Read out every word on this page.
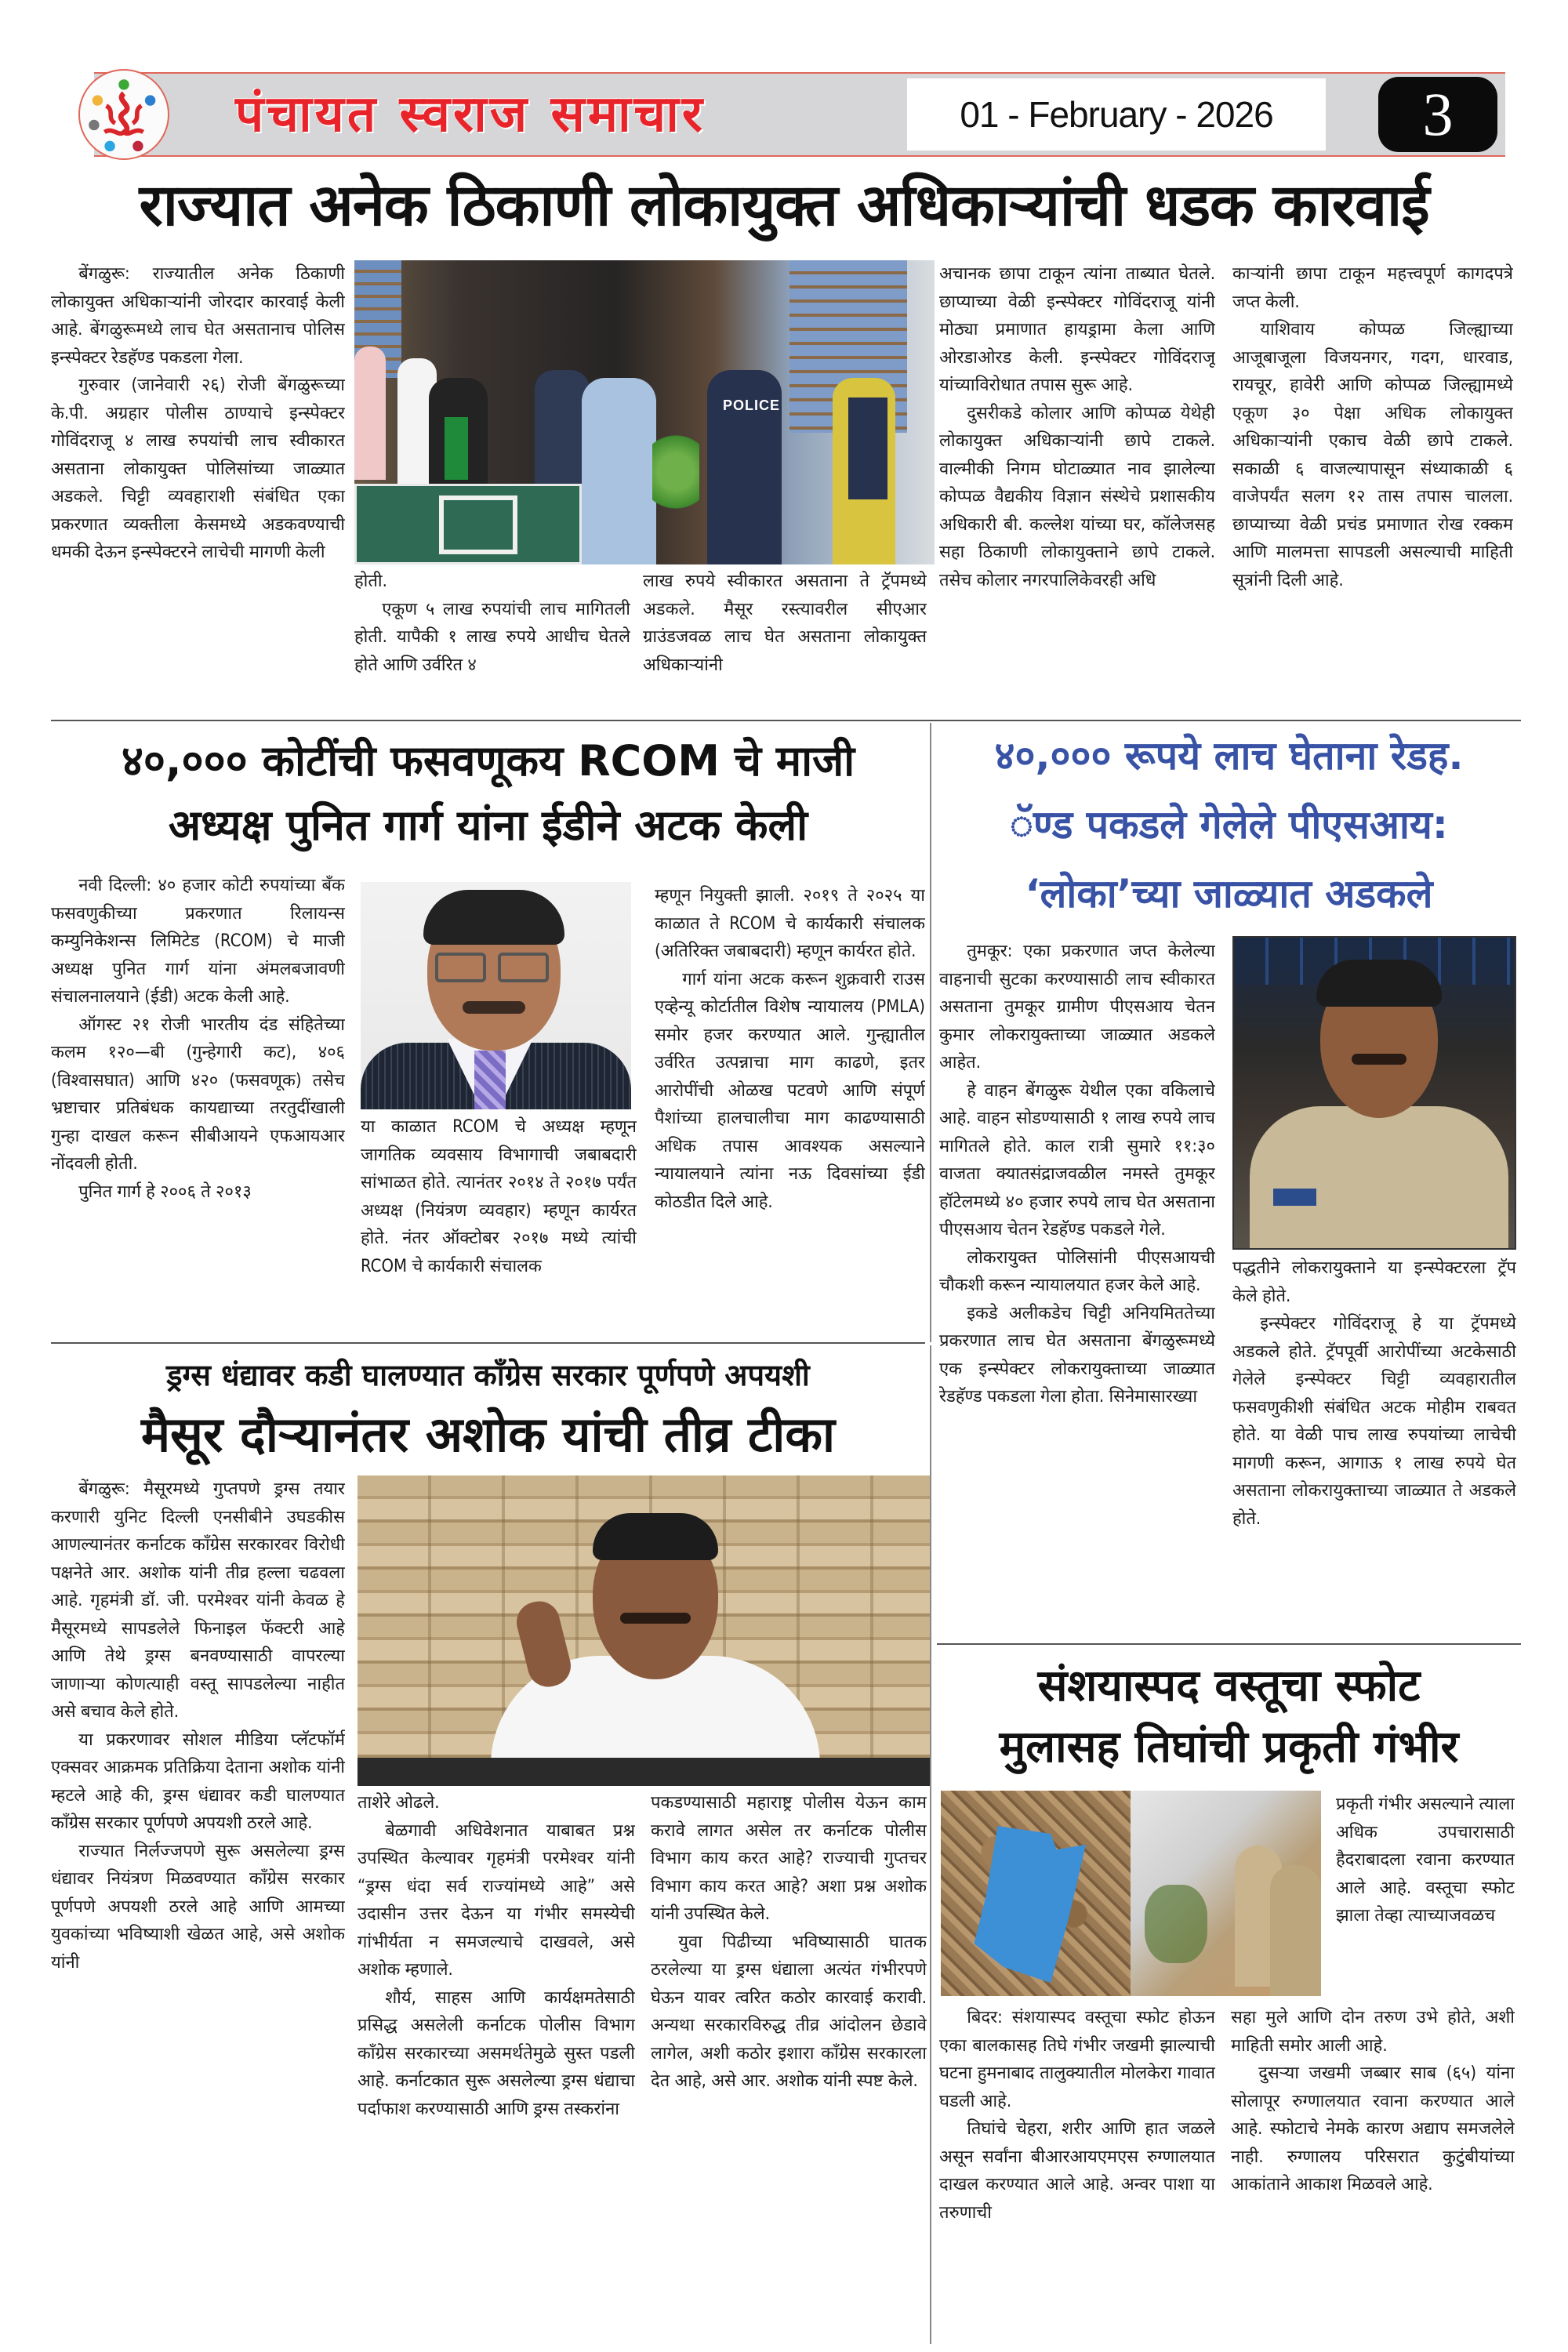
पंचायत स्वराज समाचार	01 - February - 2026	3
राज्यात अनेक ठिकाणी लोकायुक्त अधिकाऱ्यांची धडक कारवाई

बेंगळुरू: राज्यातील अनेक ठिकाणी लोकायुक्त अधिकाऱ्यांनी जोरदार कारवाई केली आहे. बेंगळुरूमध्ये लाच घेत असतानाच पोलिस इन्स्पेक्टर रेडहॅण्ड पकडला गेला.

गुरुवार (जानेवारी २६) रोजी बेंगळुरूच्या के.पी. अग्रहार पोलीस ठाण्याचे इन्स्पेक्टर गोविंदराजू ४ लाख रुपयांची लाच स्वीकारत असताना लोकायुक्त पोलिसांच्या जाळ्यात अडकले. चिट्टी व्यवहाराशी संबंधित एका प्रकरणात व्यक्तीला केसमध्ये अडकवण्याची धमकी देऊन इन्स्पेक्टरने लाचेची मागणी केली

POLICE

होती.

एकूण ५ लाख रुपयांची लाच मागितली होती. यापैकी १ लाख रुपये आधीच घेतले होते आणि उर्वरित ४

लाख रुपये स्वीकारत असताना ते ट्रॅपमध्ये अडकले. मैसूर रस्त्यावरील सीएआर ग्राउंडजवळ लाच घेत असताना लोकायुक्त अधिकाऱ्यांनी

अचानक छापा टाकून त्यांना ताब्यात घेतले. छाप्याच्या वेळी इन्स्पेक्टर गोविंदराजू यांनी मोठ्या प्रमाणात हायड्रामा केला आणि ओरडाओरड केली. इन्स्पेक्टर गोविंदराजू यांच्याविरोधात तपास सुरू आहे.

दुसरीकडे कोलार आणि कोप्पळ येथेही लोकायुक्त अधिकाऱ्यांनी छापे टाकले. वाल्मीकी निगम घोटाळ्यात नाव झालेल्या कोप्पळ वैद्यकीय विज्ञान संस्थेचे प्रशासकीय अधिकारी बी. कल्लेश यांच्या घर, कॉलेजसह सहा ठिकाणी लोकायुक्ताने छापे टाकले. तसेच कोलार नगरपालिकेवरही अधि

काऱ्यांनी छापा टाकून महत्त्वपूर्ण कागदपत्रे जप्त केली.

याशिवाय कोप्पळ जिल्ह्याच्या आजूबाजूला विजयनगर, गदग, धारवाड, रायचूर, हावेरी आणि कोप्पळ जिल्ह्यामध्ये एकूण ३० पेक्षा अधिक लोकायुक्त अधिकाऱ्यांनी एकाच वेळी छापे टाकले. सकाळी ६ वाजल्यापासून संध्याकाळी ६ वाजेपर्यंत सलग १२ तास तपास चालला. छाप्याच्या वेळी प्रचंड प्रमाणात रोख रक्कम आणि मालमत्ता सापडली असल्याची माहिती सूत्रांनी दिली आहे.

४०,००० कोटींची फसवणूकय RCOM चे माजी
अध्यक्ष पुनित गार्ग यांना ईडीने अटक केली

नवी दिल्ली: ४० हजार कोटी रुपयांच्या बँक फसवणुकीच्या प्रकरणात रिलायन्स कम्युनिकेशन्स लिमिटेड (RCOM) चे माजी अध्यक्ष पुनित गार्ग यांना अंमलबजावणी संचालनालयाने (ईडी) अटक केली आहे.

ऑगस्ट २१ रोजी भारतीय दंड संहितेच्या कलम १२०—बी (गुन्हेगारी कट), ४०६ (विश्वासघात) आणि ४२० (फसवणूक) तसेच भ्रष्टाचार प्रतिबंधक कायद्याच्या तरतुदींखाली गुन्हा दाखल करून सीबीआयने एफआयआर नोंदवली होती.

पुनित गार्ग हे २००६ ते २०१३

या काळात RCOM चे अध्यक्ष म्हणून जागतिक व्यवसाय विभागाची जबाबदारी सांभाळत होते. त्यानंतर २०१४ ते २०१७ पर्यंत अध्यक्ष (नियंत्रण व्यवहार) म्हणून कार्यरत होते. नंतर ऑक्टोबर २०१७ मध्ये त्यांची RCOM चे कार्यकारी संचालक

म्हणून नियुक्ती झाली. २०१९ ते २०२५ या काळात ते RCOM चे कार्यकारी संचालक (अतिरिक्त जबाबदारी) म्हणून कार्यरत होते.

गार्ग यांना अटक करून शुक्रवारी राउस एव्हेन्यू कोर्टातील विशेष न्यायालय (PMLA) समोर हजर करण्यात आले. गुन्ह्यातील उर्वरित उत्पन्नाचा माग काढणे, इतर आरोपींची ओळख पटवणे आणि संपूर्ण पैशांच्या हालचालीचा माग काढण्यासाठी अधिक तपास आवश्यक असल्याने न्यायालयाने त्यांना नऊ दिवसांच्या ईडी कोठडीत दिले आहे.

४०,००० रूपये लाच घेताना रेडह.
ॅण्ड पकडले गेलेले पीएसआय:
‘लोका’च्या जाळ्यात अडकले

तुमकूर: एका प्रकरणात जप्त केलेल्या वाहनाची सुटका करण्यासाठी लाच स्वीकारत असताना तुमकूर ग्रामीण पीएसआय चेतन कुमार लोकरायुक्ताच्या जाळ्यात अडकले आहेत.

हे वाहन बेंगळुरू येथील एका वकिलाचे आहे. वाहन सोडण्यासाठी १ लाख रुपये लाच मागितले होते. काल रात्री सुमारे ११:३० वाजता क्यातसंद्राजवळील नमस्ते तुमकूर हॉटेलमध्ये ४० हजार रुपये लाच घेत असताना पीएसआय चेतन रेडहॅण्ड पकडले गेले.

लोकरायुक्त पोलिसांनी पीएसआयची चौकशी करून न्यायालयात हजर केले आहे.

इकडे अलीकडेच चिट्टी अनियमिततेच्या प्रकरणात लाच घेत असताना बेंगळुरूमध्ये एक इन्स्पेक्टर लोकरायुक्ताच्या जाळ्यात रेडहॅण्ड पकडला गेला होता. सिनेमासारख्या

पद्धतीने लोकरायुक्ताने या इन्स्पेक्टरला ट्रॅप केले होते.

इन्स्पेक्टर गोविंदराजू हे या ट्रॅपमध्ये अडकले होते. ट्रॅपपूर्वी आरोपींच्या अटकेसाठी गेलेले इन्स्पेक्टर चिट्टी व्यवहारातील फसवणुकीशी संबंधित अटक मोहीम राबवत होते. या वेळी पाच लाख रुपयांच्या लाचेची मागणी करून, आगाऊ १ लाख रुपये घेत असताना लोकरायुक्ताच्या जाळ्यात ते अडकले होते.

ड्रग्स धंद्यावर कडी घालण्यात काँग्रेस सरकार पूर्णपणे अपयशी
मैसूर दौऱ्यानंतर अशोक यांची तीव्र टीका

बेंगळुरू: मैसूरमध्ये गुप्तपणे ड्रग्स तयार करणारी युनिट दिल्ली एनसीबीने उघडकीस आणल्यानंतर कर्नाटक काँग्रेस सरकारवर विरोधी पक्षनेते आर. अशोक यांनी तीव्र हल्ला चढवला आहे. गृहमंत्री डॉ. जी. परमेश्वर यांनी केवळ हे मैसूरमध्ये सापडलेले फिनाइल फॅक्टरी आहे आणि तेथे ड्रग्स बनवण्यासाठी वापरल्या जाणाऱ्या कोणत्याही वस्तू सापडलेल्या नाहीत असे बचाव केले होते.

या प्रकरणावर सोशल मीडिया प्लॅटफॉर्म एक्सवर आक्रमक प्रतिक्रिया देताना अशोक यांनी म्हटले आहे की, ड्रग्स धंद्यावर कडी घालण्यात काँग्रेस सरकार पूर्णपणे अपयशी ठरले आहे.

राज्यात निर्लज्जपणे सुरू असलेल्या ड्रग्स धंद्यावर नियंत्रण मिळवण्यात काँग्रेस सरकार पूर्णपणे अपयशी ठरले आहे आणि आमच्या युवकांच्या भविष्याशी खेळत आहे, असे अशोक यांनी

ताशेरे ओढले.

बेळगावी अधिवेशनात याबाबत प्रश्न उपस्थित केल्यावर गृहमंत्री परमेश्वर यांनी “ड्रग्स धंदा सर्व राज्यांमध्ये आहे” असे उदासीन उत्तर देऊन या गंभीर समस्येची गांभीर्यता न समजल्याचे दाखवले, असे अशोक म्हणाले.

शौर्य, साहस आणि कार्यक्षमतेसाठी प्रसिद्ध असलेली कर्नाटक पोलीस विभाग काँग्रेस सरकारच्या असमर्थतेमुळे सुस्त पडली आहे. कर्नाटकात सुरू असलेल्या ड्रग्स धंद्याचा पर्दाफाश करण्यासाठी आणि ड्रग्स तस्करांना

पकडण्यासाठी महाराष्ट्र पोलीस येऊन काम करावे लागत असेल तर कर्नाटक पोलीस विभाग काय करत आहे? राज्याची गुप्तचर विभाग काय करत आहे? अशा प्रश्न अशोक यांनी उपस्थित केले.

युवा पिढीच्या भविष्यासाठी घातक ठरलेल्या या ड्रग्स धंद्याला अत्यंत गंभीरपणे घेऊन यावर त्वरित कठोर कारवाई करावी. अन्यथा सरकारविरुद्ध तीव्र आंदोलन छेडावे लागेल, अशी कठोर इशारा काँग्रेस सरकारला देत आहे, असे आर. अशोक यांनी स्पष्ट केले.

संशयास्पद वस्तूचा स्फोट
मुलासह तिघांची प्रकृती गंभीर

प्रकृती गंभीर असल्याने त्याला अधिक उपचारासाठी हैदराबादला रवाना करण्यात आले आहे. वस्तूचा स्फोट झाला तेव्हा त्याच्याजवळच

बिदर: संशयास्पद वस्तूचा स्फोट होऊन एका बालकासह तिघे गंभीर जखमी झाल्याची घटना हुमनाबाद तालुक्यातील मोलकेरा गावात घडली आहे.

तिघांचे चेहरा, शरीर आणि हात जळले असून सर्वांना बीआरआयएमएस रुग्णालयात दाखल करण्यात आले आहे. अन्वर पाशा या तरुणाची

सहा मुले आणि दोन तरुण उभे होते, अशी माहिती समोर आली आहे.

दुसऱ्या जखमी जब्बार साब (६५) यांना सोलापूर रुग्णालयात रवाना करण्यात आले आहे. स्फोटाचे नेमके कारण अद्याप समजलेले नाही. रुग्णालय परिसरात कुटुंबीयांच्या आकांताने आकाश मिळवले आहे.
